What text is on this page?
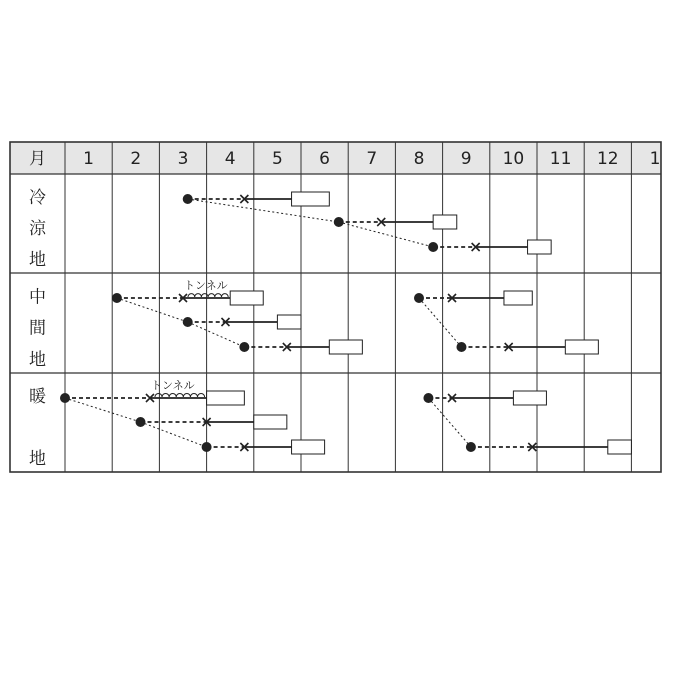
月 1 2 3 4 5 6 7 8 9 10 11 12 1
冷
涼
地
中
間
地
暖
地
トンネル
トンネル
